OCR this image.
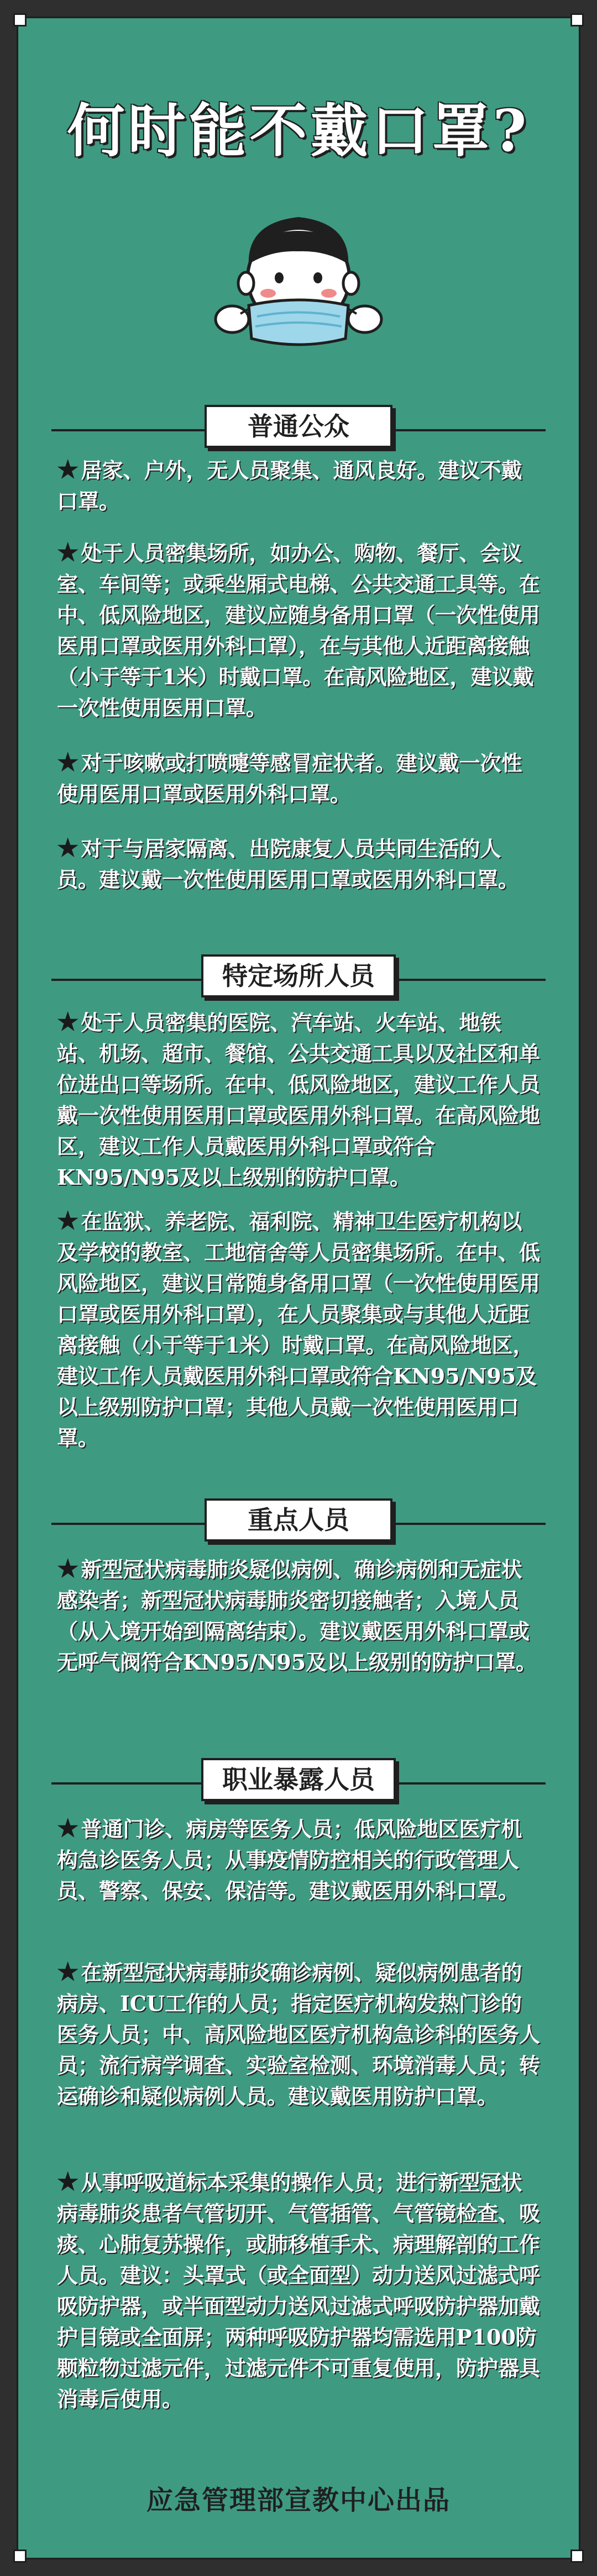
何时能不戴口罩?
普通公众
★ 居家、户外，无人员聚集、通风良好。建议不戴口罩。
★ 处于人员密集场所，如办公、购物、餐厅、会议室、车间等；或乘坐厢式电梯、公共交通工具等。在中、低风险地区，建议应随身备用口罩（一次性使用医用口罩或医用外科口罩），在与其他人近距离接触（小于等于1米）时戴口罩。在高风险地区，建议戴一次性使用医用口罩。
★ 对于咳嗽或打喷嚏等感冒症状者。建议戴一次性使用医用口罩或医用外科口罩。
★ 对于与居家隔离、出院康复人员共同生活的人员。建议戴一次性使用医用口罩或医用外科口罩。
特定场所人员
★ 处于人员密集的医院、汽车站、火车站、地铁站、机场、超市、餐馆、公共交通工具以及社区和单位进出口等场所。在中、低风险地区，建议工作人员戴一次性使用医用口罩或医用外科口罩。在高风险地区，建议工作人员戴医用外科口罩或符合KN95/N95及以上级别的防护口罩。
★ 在监狱、养老院、福利院、精神卫生医疗机构以及学校的教室、工地宿舍等人员密集场所。在中、低风险地区，建议日常随身备用口罩（一次性使用医用口罩或医用外科口罩），在人员聚集或与其他人近距离接触（小于等于1米）时戴口罩。在高风险地区，建议工作人员戴医用外科口罩或符合KN95/N95及以上级别防护口罩；其他人员戴一次性使用医用口罩。
重点人员
★ 新型冠状病毒肺炎疑似病例、确诊病例和无症状感染者；新型冠状病毒肺炎密切接触者；入境人员（从入境开始到隔离结束）。建议戴医用外科口罩或无呼气阀符合KN95/N95及以上级别的防护口罩。
职业暴露人员
★ 普通门诊、病房等医务人员；低风险地区医疗机构急诊医务人员；从事疫情防控相关的行政管理人员、警察、保安、保洁等。建议戴医用外科口罩。
★ 在新型冠状病毒肺炎确诊病例、疑似病例患者的病房、ICU工作的人员；指定医疗机构发热门诊的医务人员；中、高风险地区医疗机构急诊科的医务人员；流行病学调查、实验室检测、环境消毒人员；转运确诊和疑似病例人员。建议戴医用防护口罩。
★ 从事呼吸道标本采集的操作人员；进行新型冠状病毒肺炎患者气管切开、气管插管、气管镜检查、吸痰、心肺复苏操作，或肺移植手术、病理解剖的工作人员。建议：头罩式（或全面型）动力送风过滤式呼吸防护器，或半面型动力送风过滤式呼吸防护器加戴护目镜或全面屏；两种呼吸防护器均需选用P100防颗粒物过滤元件，过滤元件不可重复使用，防护器具消毒后使用。
应急管理部宣教中心出品
